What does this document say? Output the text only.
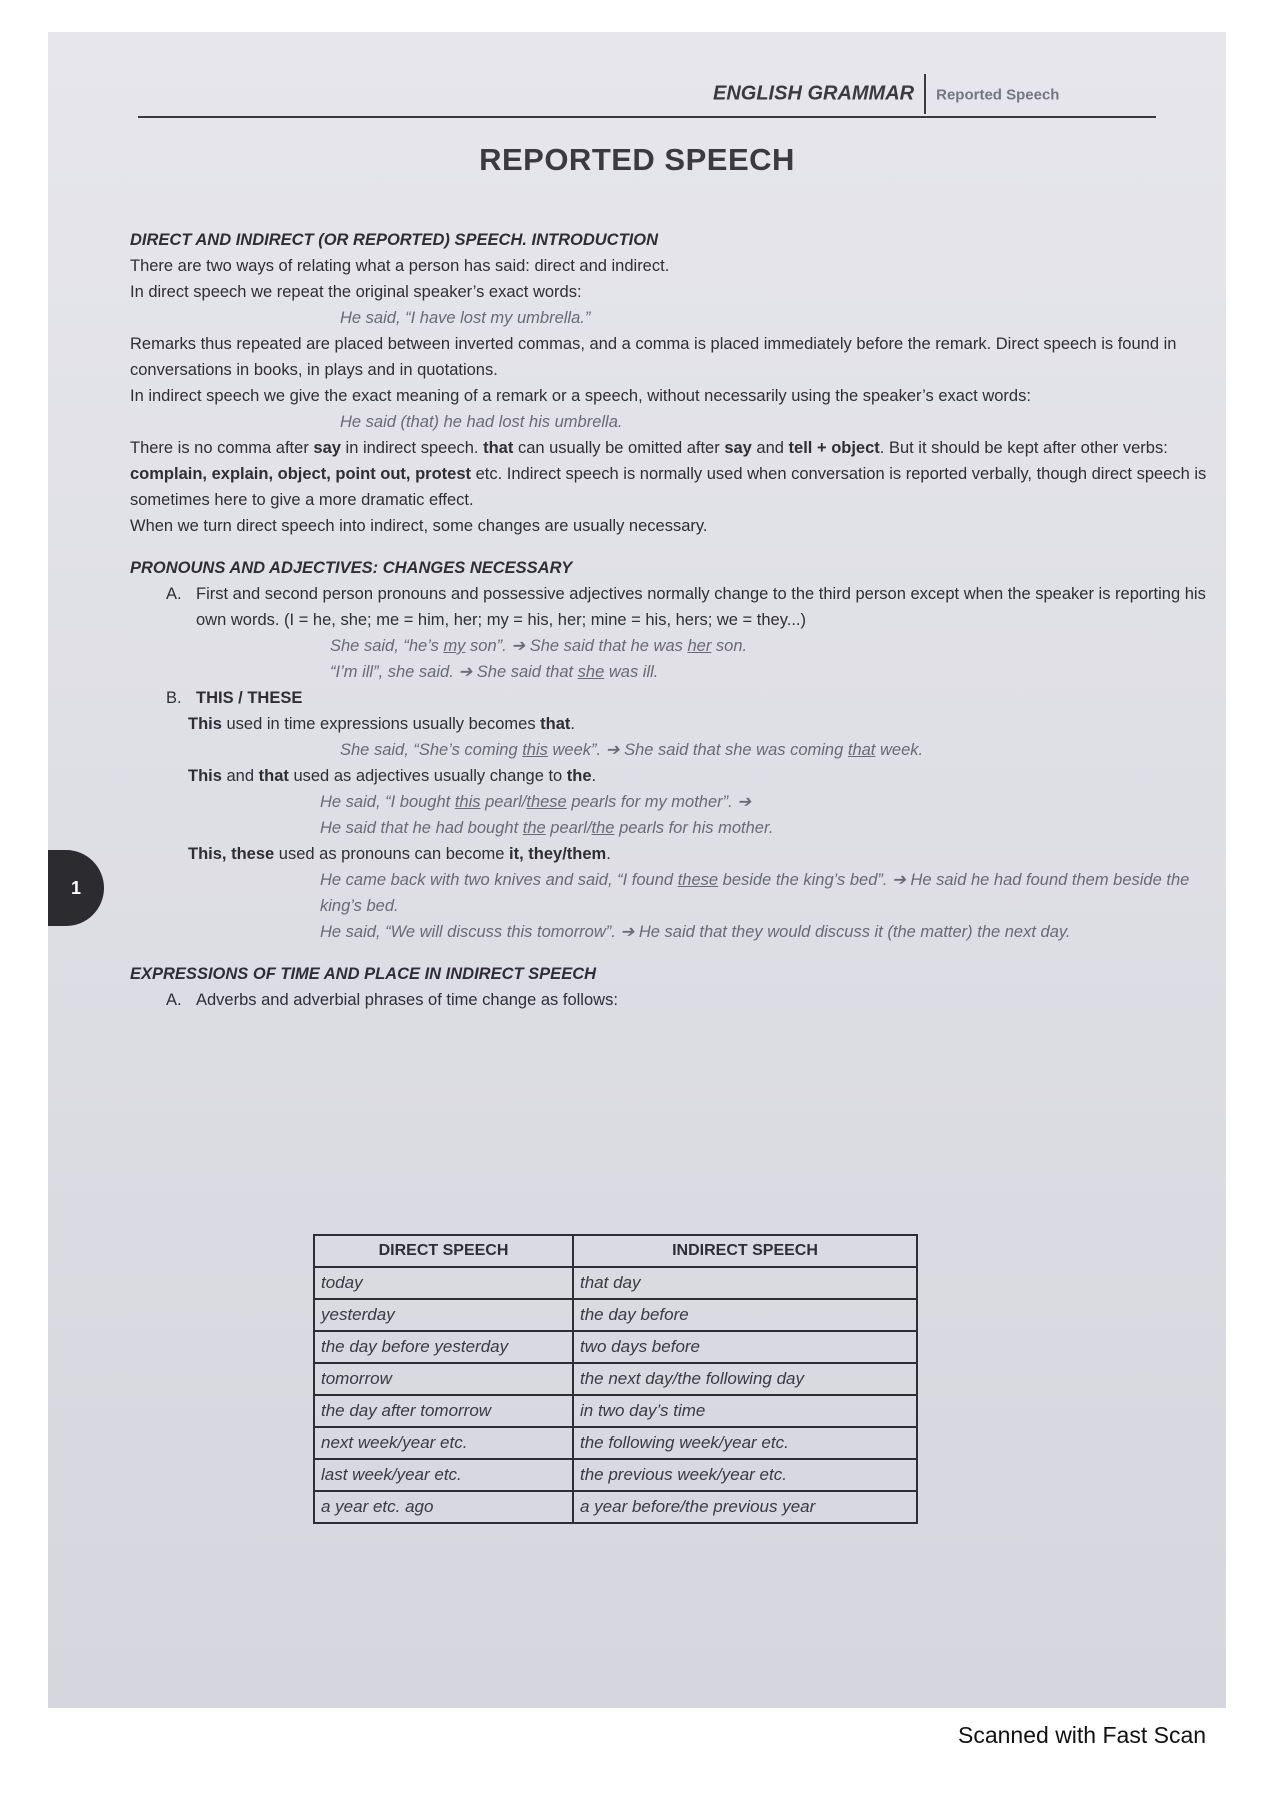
1
ENGLISH GRAMMAR Reported Speech
REPORTED SPEECH
DIRECT AND INDIRECT (OR REPORTED) SPEECH. INTRODUCTION

There are two ways of relating what a person has said: direct and indirect.

In direct speech we repeat the original speaker’s exact words:

He said, “I have lost my umbrella.”

Remarks thus repeated are placed between inverted commas, and a comma is placed immediately before the remark. Direct speech is found in conversations in books, in plays and in quotations.

In indirect speech we give the exact meaning of a remark or a speech, without necessarily using the speaker’s exact words:

He said (that) he had lost his umbrella.

There is no comma after say in indirect speech. that can usually be omitted after say and tell + object. But it should be kept after other verbs: complain, explain, object, point out, protest etc. Indirect speech is normally used when conversation is reported verbally, though direct speech is sometimes here to give a more dramatic effect.

When we turn direct speech into indirect, some changes are usually necessary.

PRONOUNS AND ADJECTIVES: CHANGES NECESSARY
A. First and second person pronouns and possessive adjectives normally change to the third person except when the speaker is reporting his own words. (I = he, she; me = him, her; my = his, her; mine = his, hers; we = they...)

She said, “he’s my son”. ➔ She said that he was her son.

“I’m ill”, she said. ➔ She said that she was ill.

B. THIS / THESE

This used in time expressions usually becomes that.

She said, “She’s coming this week”. ➔ She said that she was coming that week.

This and that used as adjectives usually change to the.

He said, “I bought this pearl/these pearls for my mother”. ➔

He said that he had bought the pearl/the pearls for his mother.

This, these used as pronouns can become it, they/them.

He came back with two knives and said, “I found these beside the king’s bed”. ➔ He said he had found them beside the king’s bed.

He said, “We will discuss this tomorrow”. ➔ He said that they would discuss it (the matter) the next day.

EXPRESSIONS OF TIME AND PLACE IN INDIRECT SPEECH
A. Adverbs and adverbial phrases of time change as follows:

DIRECT SPEECH	INDIRECT SPEECH
today	that day
yesterday	the day before
the day before yesterday	two days before
tomorrow	the next day/the following day
the day after tomorrow	in two day’s time
next week/year etc.	the following week/year etc.
last week/year etc.	the previous week/year etc.
a year etc. ago	a year before/the previous year
Scanned with Fast Scan
